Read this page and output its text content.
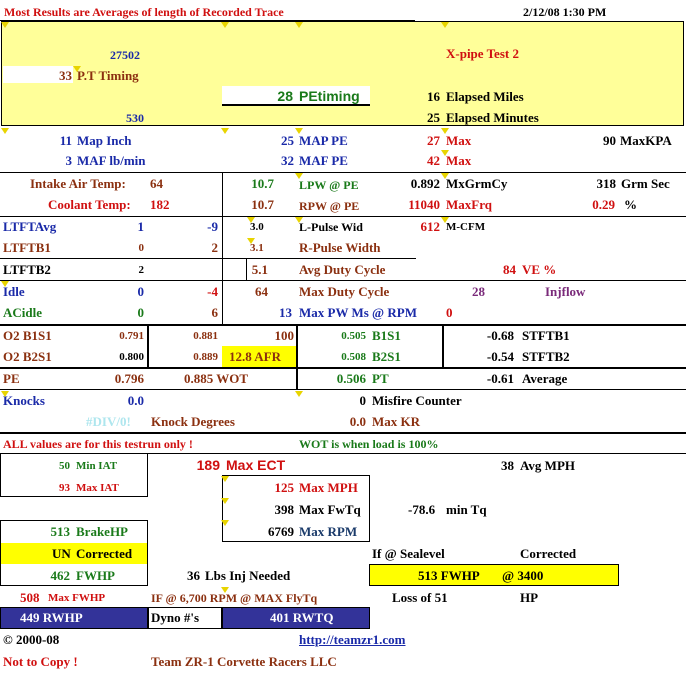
Most Results are Averages of length of Recorded Trace	2/12/08 1:30 PM
27502	X-pipe Test 2
33 P.T Timing
28 PEtiming	16 Elapsed Miles
530	25 Elapsed Minutes
11 Map Inch	25 MAP PE	27 Max	90 MaxKPA
3 MAF lb/min	32 MAF PE	42 Max
Intake Air Temp: 64	10.7 LPW @ PE	0.892 MxGrmCy	318 Grm Sec
Coolant Temp: 182	10.7 RPW @ PE	11040 MaxFrq	0.29 %
LTFTAvg	1	-9	3.0	L-Pulse Wid	612 M-CFM
LTFTB1	0	2	3.1	R-Pulse Width
LTFTB2	2	5.1 Avg Duty Cycle	84 VE %
Idle	0	-4	64 Max Duty Cycle	28	Injflow
ACidle	0	6	13 Max PW Ms @ RPM 0
O2 B1S1	0.791	0.881	100	0.505 B1S1	-0.68 STFTB1
O2 B2S1	0.800	0.889 12.8 AFR	0.508 B2S1	-0.54 STFTB2
PE	0.796	0.885 WOT	0.506 PT	-0.61 Average
Knocks	0.0	0 Misfire Counter
#DIV/0! Knock Degrees	0.0 Max KR
ALL values are for this testrun only !	WOT is when load is 100%
50 Min IAT
93 Max IAT
189 Max ECT	38 Avg MPH
125 Max MPH
398 Max FwTq	-78.6 min Tq
6769 Max RPM
513 BrakeHP
UN Corrected
462 FWHP
If @ Sealevel	Corrected
36 Lbs Inj Needed	513 FWHP @ 3400
508 Max FWHP	IF @ 6,700 RPM @ MAX FlyTq	Loss of 51	HP
449 RWHP	Dyno #'s	401 RWTQ
© 2000-08	http://teamzr1.com
Not to Copy !	Team ZR-1 Corvette Racers LLC
